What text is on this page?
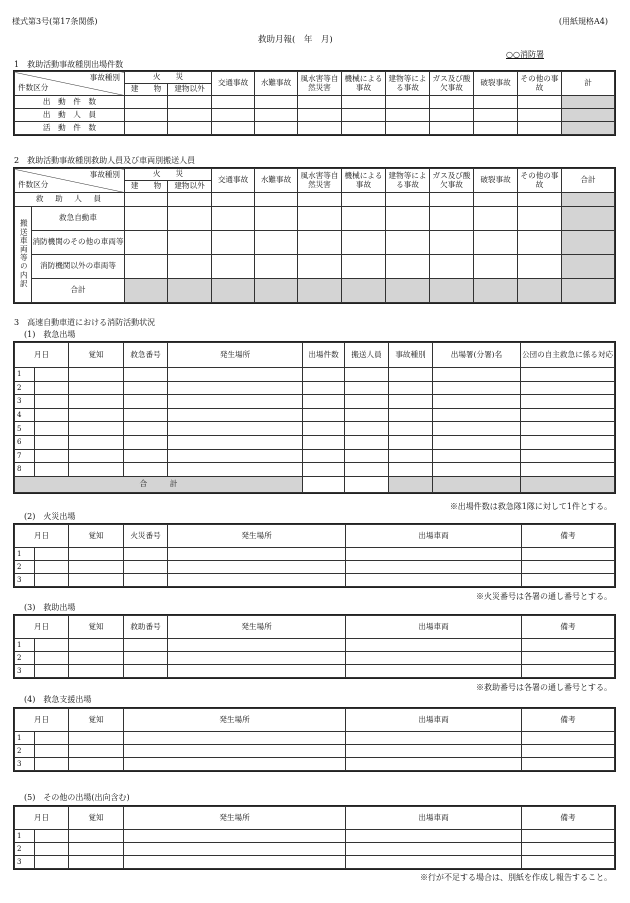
様式第3号(第17条関係)	(用紙規格A4)
救助月報(　年　月)
○○消防署
1　救助活動事故種別出場件数
事故種別
件数区分	火　　災		交通事故	水難事故	風水害等自然災害	機械による事故	建物等による事故	ガス及び酸欠事故	破裂事故	その他の事故	計
	建　　物	建物以外									
出　動　件　数											
出　動　人　員											
活　動　件　数											
2　救助活動事故種別救助人員及び車両別搬送人員
事故種別
件数区分		火　　災		交通事故	水難事故	風水害等自然災害	機械による事故	建物等による事故	ガス及び酸欠事故	破裂事故	その他の事故	合計
		建　　物	建物以外									
救　助　人　員												
搬送車両等の内訳	救急自動車											
	消防機関のその他の車両等											
	消防機関以外の車両等											
	合計											
3　高速自動車道における消防活動状況
(1)　救急出場
月日		覚知	救急番号	発生場所	出場件数	搬送人員	事故種別	出場署(分署)名	公団の自主救急に係る対応
1									
2									
3									
4									
5									
6									
7									
8									
合　　　計									
※出場件数は救急隊1隊に対して1件とする。
(2)　火災出場
月日		覚知	火災番号	発生場所	出場車両	備考
1						
2						
3						
※火災番号は各署の通し番号とする。
(3)　救助出場
月日		覚知	救助番号	発生場所	出場車両	備考
1						
2						
3						
※救助番号は各署の通し番号とする。
(4)　救急支援出場
月日		覚知	発生場所	出場車両	備考
1					
2					
3					
(5)　その他の出場(出向含む)
月日		覚知	発生場所	出場車両	備考
1					
2					
3					
※行が不足する場合は、別紙を作成し報告すること。
